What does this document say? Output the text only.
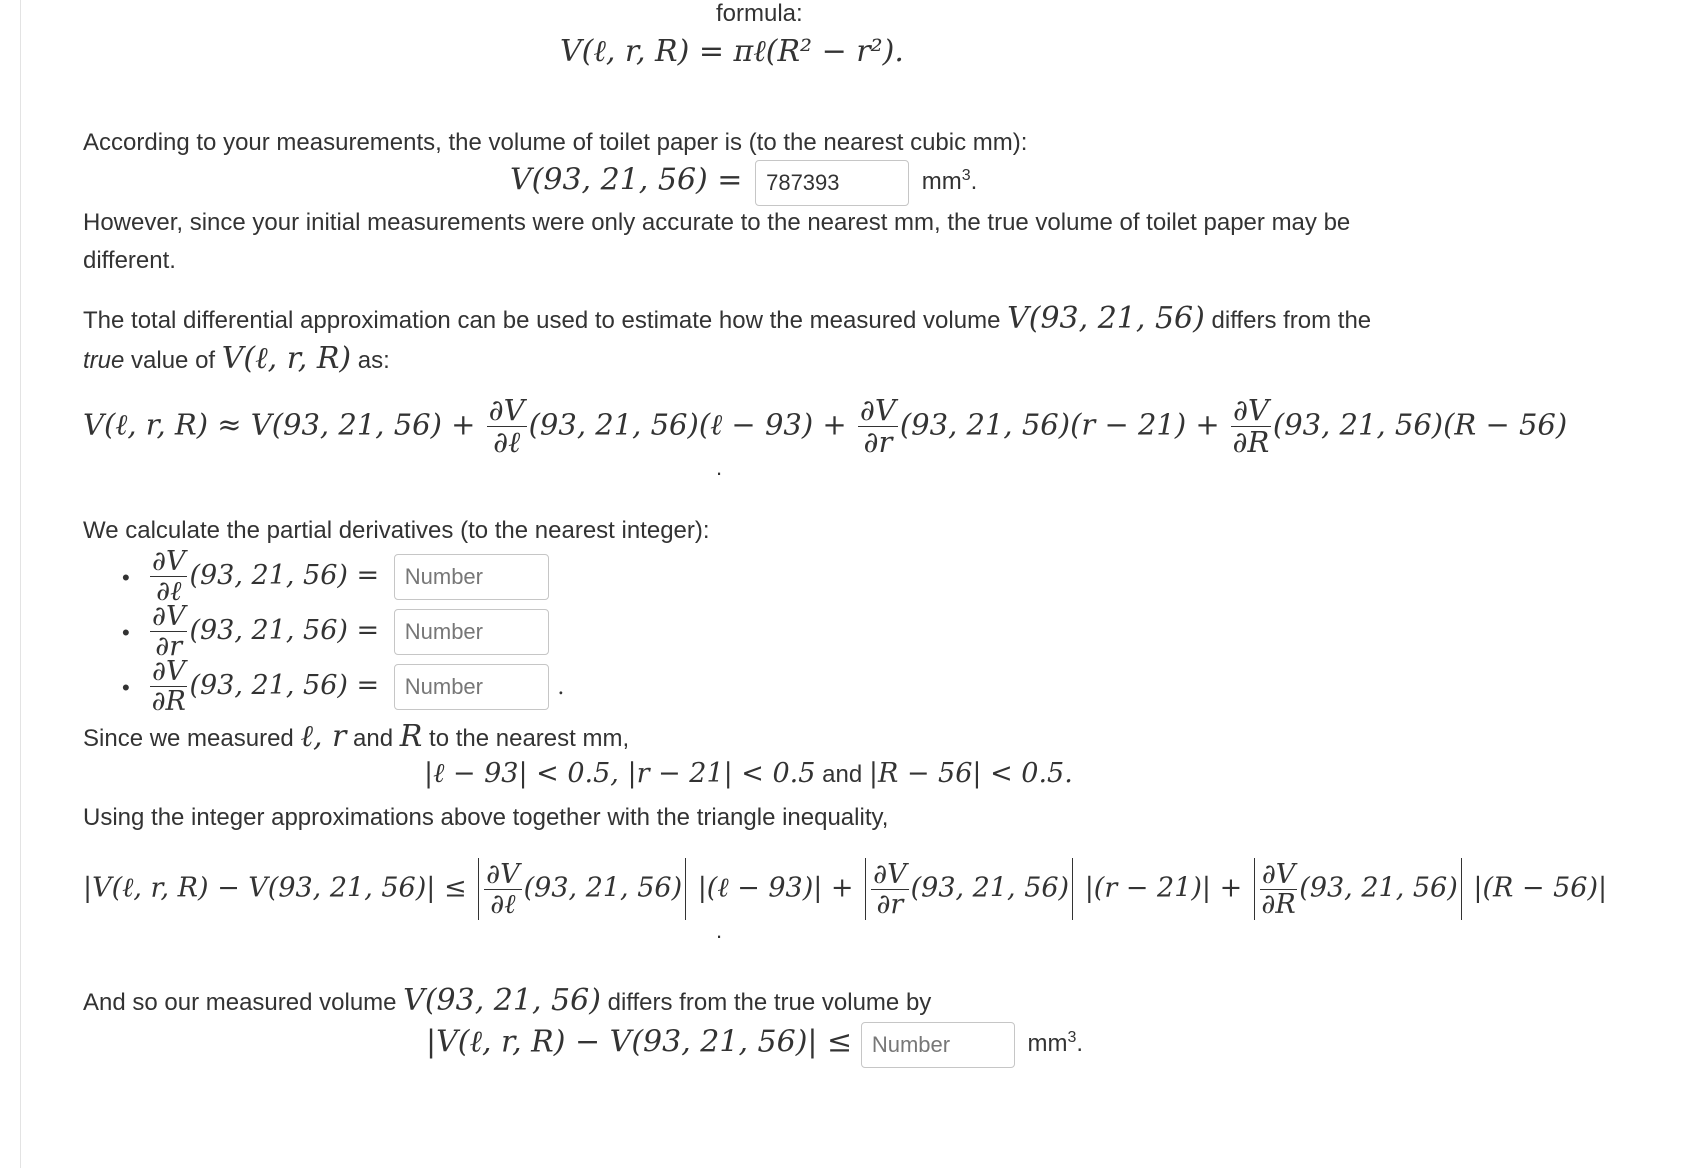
formula:
V(ℓ, r, R) = πℓ(R² − r²).
According to your measurements, the volume of toilet paper is (to the nearest cubic mm):
V(93, 21, 56) = 787393	$mm^3$.
However, since your initial measurements were only accurate to the nearest mm, the true volume of toilet paper may be different.
The total differential approximation can be used to estimate how the measured volume V(93, 21, 56) differs from the
true value of V(ℓ, r, R) as:
V(ℓ, r, R) ≈ V(93, 21, $56) + \frac{\partial V}{\text{∂ℓ}} (93$, 21, 56)(ℓ − $93) + \frac{\partial V}{\partial r} (93$, 21, $56)(r - 21) + \frac{\partial V}{\partial R} (93$, 21, 56)(R − 56)
.
We calculate the partial derivatives (to the nearest integer):
• $\frac{\partial V}{\text{∂ℓ}} (93$, 21, 56) = Number
• $\frac{\partial V}{\partial r} (93$, 21, 56) = Number
• $\frac{\partial V}{\partial R} (93$, 21, 56) = Number	.
Since we measured ℓ, r and R to the nearest mm,
|ℓ − 93| < 0.5, |r − 21| < 0.5 and |R − 56| < 0.5.
Using the integer approximations above together with the triangle inequality,
|V(ℓ, r, R) − V(93, 21, $56)| \le \frac{\partial V}{\text{∂ℓ}} (93$, 21, 56) |(ℓ − $93)| + \frac{\partial V}{\partial r} (93$, 21, 56) $|(r - 21)| + \frac{\partial V}{\partial R} (93$, 21, 56) |(R − 56)|
.
And so our measured volume V(93, 21, 56) differs from the true volume by
|V(ℓ, r, R) − V(93, 21, 56)| ≤ Number	$mm^3$.
